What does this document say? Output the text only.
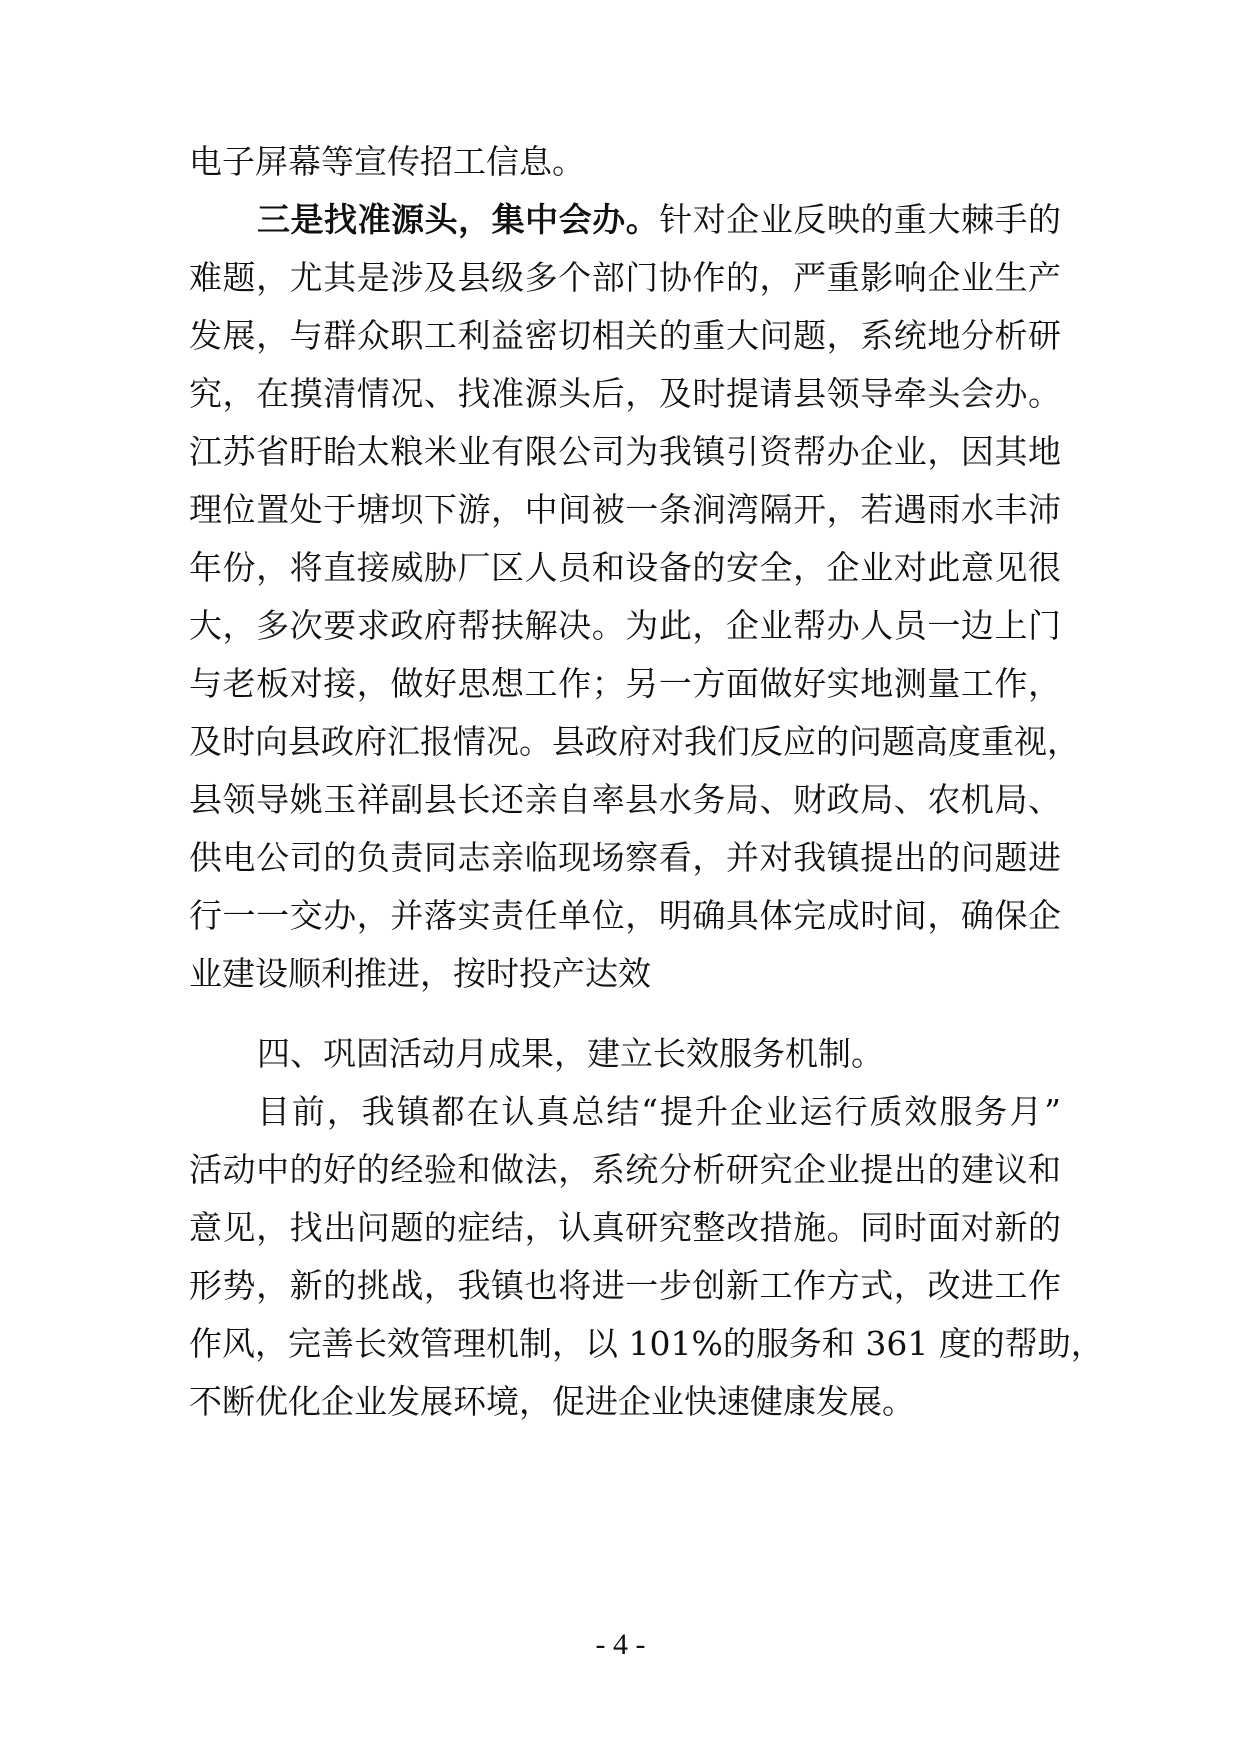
电子屏幕等宣传招工信息。
三是找准源头，集中会办。针对企业反映的重大棘手的
难题，尤其是涉及县级多个部门协作的，严重影响企业生产
发展，与群众职工利益密切相关的重大问题，系统地分析研
究，在摸清情况、找准源头后，及时提请县领导牵头会办。
江苏省盱眙太粮米业有限公司为我镇引资帮办企业，因其地
理位置处于塘坝下游，中间被一条涧湾隔开，若遇雨水丰沛
年份，将直接威胁厂区人员和设备的安全，企业对此意见很
大，多次要求政府帮扶解决。为此，企业帮办人员一边上门
与老板对接，做好思想工作；另一方面做好实地测量工作，
及时向县政府汇报情况。县政府对我们反应的问题高度重视，
县领导姚玉祥副县长还亲自率县水务局、财政局、农机局、
供电公司的负责同志亲临现场察看，并对我镇提出的问题进
行一一交办，并落实责任单位，明确具体完成时间，确保企
业建设顺利推进，按时投产达效
四、巩固活动月成果，建立长效服务机制。
目前，我镇都在认真总结“提升企业运行质效服务月”
活动中的好的经验和做法，系统分析研究企业提出的建议和
意见，找出问题的症结，认真研究整改措施。同时面对新的
形势，新的挑战，我镇也将进一步创新工作方式，改进工作
作风，完善长效管理机制，以 101%的服务和 361 度的帮助，
不断优化企业发展环境，促进企业快速健康发展。
- 4 -
